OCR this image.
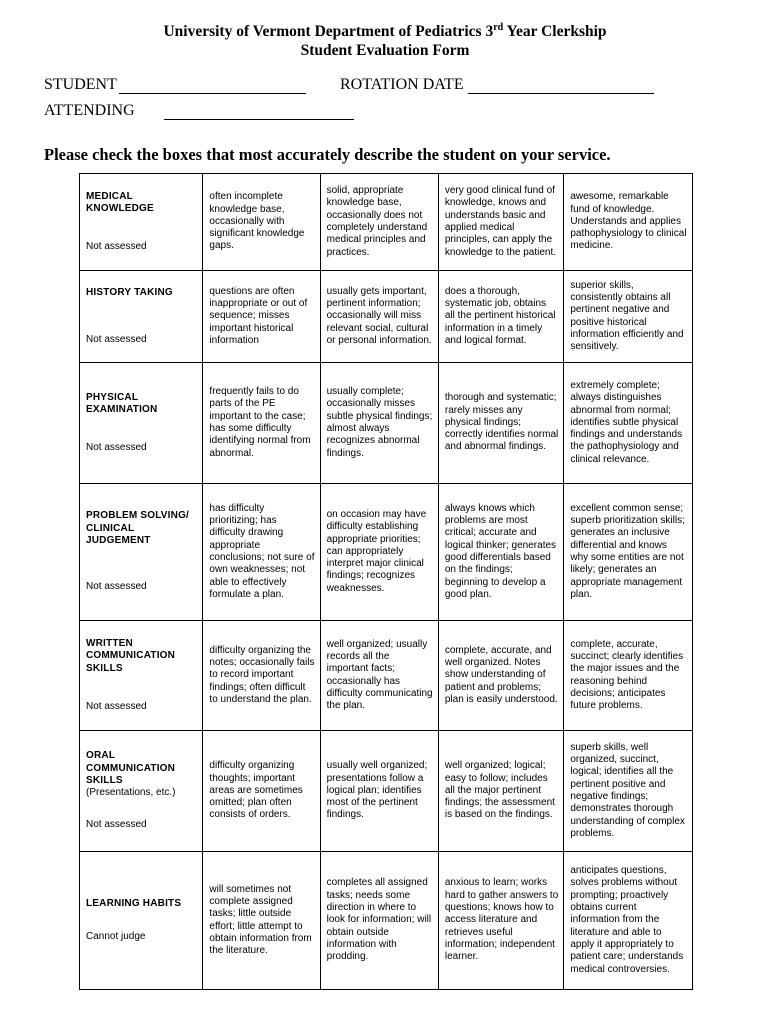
University of Vermont Department of Pediatrics 3rd Year Clerkship
Student Evaluation Form
STUDENT	ROTATION DATE
ATTENDING
Please check the boxes that most accurately describe the student on your service.
MEDICAL
KNOWLEDGE
Not assessed	often incomplete knowledge base, occasionally with significant knowledge gaps.	solid, appropriate knowledge base, occasionally does not completely understand medical principles and practices.	very good clinical fund of knowledge, knows and understands basic and applied medical principles, can apply the knowledge to the patient.	awesome, remarkable fund of knowledge. Understands and applies pathophysiology to clinical medicine.

HISTORY TAKING
Not assessed	questions are often inappropriate or out of sequence; misses important historical information	usually gets important, pertinent information; occasionally will miss relevant social, cultural or personal information.	does a thorough, systematic job, obtains all the pertinent historical information in a timely and logical format.	superior skills, consistently obtains all pertinent negative and positive historical information efficiently and sensitively.

PHYSICAL
EXAMINATION
Not assessed	frequently fails to do parts of the PE important to the case; has some difficulty identifying normal from abnormal.	usually complete; occasionally misses subtle physical findings; almost always recognizes abnormal findings.	thorough and systematic; rarely misses any physical findings; correctly identifies normal and abnormal findings.	extremely complete; always distinguishes abnormal from normal; identifies subtle physical findings and understands the pathophysiology and clinical relevance.

PROBLEM SOLVING/
CLINICAL
JUDGEMENT
Not assessed	has difficulty prioritizing; has difficulty drawing appropriate conclusions; not sure of own weaknesses; not able to effectively formulate a plan.	on occasion may have difficulty establishing appropriate priorities; can appropriately interpret major clinical findings; recognizes weaknesses.	always knows which problems are most critical; accurate and logical thinker; generates good differentials based on the findings; beginning to develop a good plan.	excellent common sense; superb prioritization skills; generates an inclusive differential and knows why some entities are not likely; generates an appropriate management plan.

WRITTEN
COMMUNICATION
SKILLS
Not assessed	difficulty organizing the notes; occasionally fails to record important findings; often difficult to understand the plan.	well organized; usually records all the important facts; occasionally has difficulty communicating the plan.	complete, accurate, and well organized. Notes show understanding of patient and problems; plan is easily understood.	complete, accurate, succinct; clearly identifies the major issues and the reasoning behind decisions; anticipates future problems.

ORAL
COMMUNICATION
SKILLS
(Presentations, etc.)
Not assessed	difficulty organizing thoughts; important areas are sometimes omitted; plan often consists of orders.	usually well organized; presentations follow a logical plan; identifies most of the pertinent findings.	well organized; logical; easy to follow; includes all the major pertinent findings; the assessment is based on the findings.	superb skills, well organized, succinct, logical; identifies all the pertinent positive and negative findings; demonstrates thorough understanding of complex problems.

LEARNING HABITS
Cannot judge	will sometimes not complete assigned tasks; little outside effort; little attempt to obtain information from the literature.	completes all assigned tasks; needs some direction in where to look for information; will obtain outside information with prodding.	anxious to learn; works hard to gather answers to questions; knows how to access literature and retrieves useful information; independent learner.	anticipates questions, solves problems without prompting; proactively obtains current information from the literature and able to apply it appropriately to patient care; understands medical controversies.
